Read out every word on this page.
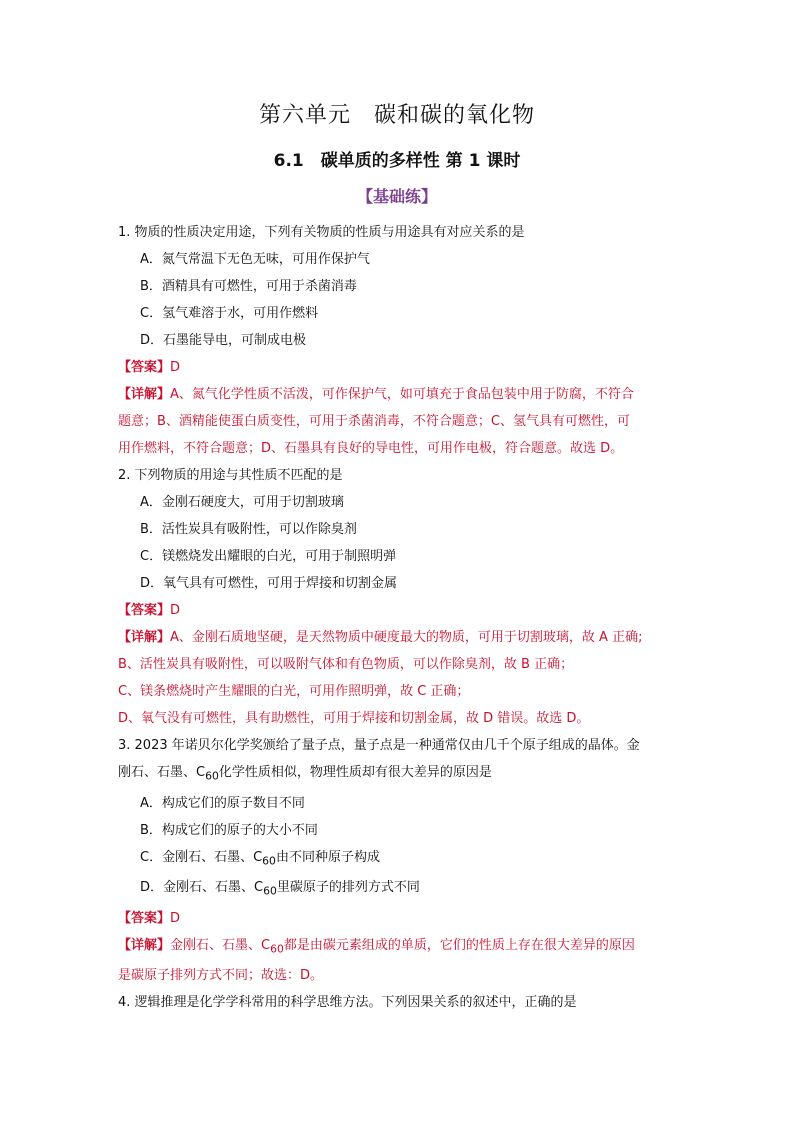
第六单元　碳和碳的氧化物
6.1　碳单质的多样性 第 1 课时
【基础练】
1. 物质的性质决定用途，下列有关物质的性质与用途具有对应关系的是
A．氮气常温下无色无味，可用作保护气
B．酒精具有可燃性，可用于杀菌消毒
C．氢气难溶于水，可用作燃料
D．石墨能导电，可制成电极
【答案】D
【详解】A、氮气化学性质不活泼，可作保护气，如可填充于食品包装中用于防腐，不符合
题意；B、酒精能使蛋白质变性，可用于杀菌消毒，不符合题意；C、氢气具有可燃性，可
用作燃料，不符合题意；D、石墨具有良好的导电性，可用作电极，符合题意。故选 D。
2. 下列物质的用途与其性质不匹配的是
A．金刚石硬度大，可用于切割玻璃
B．活性炭具有吸附性，可以作除臭剂
C．镁燃烧发出耀眼的白光，可用于制照明弹
D．氧气具有可燃性，可用于焊接和切割金属
【答案】D
【详解】A、金刚石质地坚硬，是天然物质中硬度最大的物质，可用于切割玻璃，故 A 正确;
B、活性炭具有吸附性，可以吸附气体和有色物质，可以作除臭剂，故 B 正确；
C、镁条燃烧时产生耀眼的白光，可用作照明弹，故 C 正确；
D、氧气没有可燃性，具有助燃性，可用于焊接和切割金属，故 D 错误。故选 D。
3. 2023 年诺贝尔化学奖颁给了量子点，量子点是一种通常仅由几千个原子组成的晶体。金
刚石、石墨、$C_{60}$化学性质相似，物理性质却有很大差异的原因是
A．构成它们的原子数目不同
B．构成它们的原子的大小不同
C．金刚石、石墨、$C_{60}$由不同种原子构成
D．金刚石、石墨、$C_{60}$里碳原子的排列方式不同
【答案】D
【详解】金刚石、石墨、$C_{60}$都是由碳元素组成的单质，它们的性质上存在很大差异的原因
是碳原子排列方式不同；故选：D。
4. 逻辑推理是化学学科常用的科学思维方法。下列因果关系的叙述中，正确的是
